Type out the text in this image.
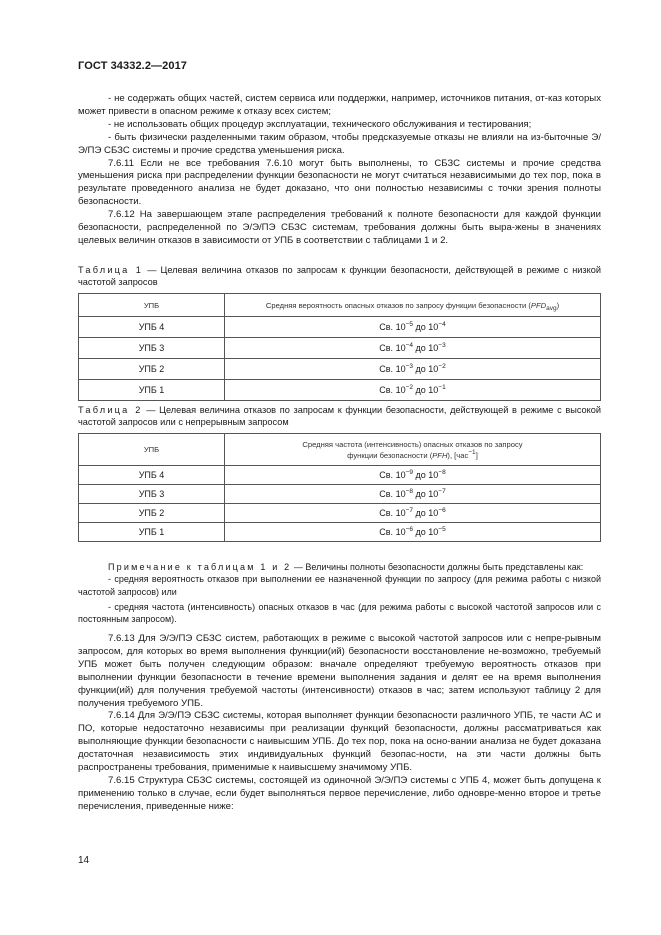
ГОСТ 34332.2—2017

- не содержать общих частей, систем сервиса или поддержки, например, источников питания, от-каз которых может привести в опасном режиме к отказу всех систем;

- не использовать общих процедур эксплуатации, технического обслуживания и тестирования;

- быть физически разделенными таким образом, чтобы предсказуемые отказы не влияли на из-быточные Э/Э/ПЭ СБЗС системы и прочие средства уменьшения риска.

7.6.11 Если не все требования 7.6.10 могут быть выполнены, то СБЗС системы и прочие средства уменьшения риска при распределении функции безопасности не могут считаться независимыми до тех пор, пока в результате проведенного анализа не будет доказано, что они полностью независимы с точки зрения полноты безопасности.

7.6.12 На завершающем этапе распределения требований к полноте безопасности для каждой функции безопасности, распределенной по Э/Э/ПЭ СБЗС системам, требования должны быть выра-жены в значениях целевых величин отказов в зависимости от УПБ в соответствии с таблицами 1 и 2.

Таблица 1 — Целевая величина отказов по запросам к функции безопасности, действующей в режиме с низкой частотой запросов
УПБ	Средняя вероятность опасных отказов по запросу функции безопасности $(PFD_{avg})$
УПБ 4	Св. $10^{-5}$ до $10^{-4}$
УПБ 3	Св. $10^{-4}$ до $10^{-3}$
УПБ 2	Св. $10^{-3}$ до $10^{-2}$
УПБ 1	Св. $10^{-2}$ до $10^{-1}$
Таблица 2 — Целевая величина отказов по запросам к функции безопасности, действующей в режиме с высокой частотой запросов или с непрерывным запросом
УПБ	Средняя частота (интенсивность) опасных отказов по запросу
функции безопасности (PFH), [час$^{-1}$]
УПБ 4	Св. $10^{-9}$ до $10^{-8}$
УПБ 3	Св. $10^{-8}$ до $10^{-7}$
УПБ 2	Св. $10^{-7}$ до $10^{-6}$
УПБ 1	Св. $10^{-6}$ до $10^{-5}$

Примечание к таблицам 1 и 2 — Величины полноты безопасности должны быть представлены как:

- средняя вероятность отказов при выполнении ее назначенной функции по запросу (для режима работы с низкой частотой запросов) или

- средняя частота (интенсивность) опасных отказов в час (для режима работы с высокой частотой запросов или с постоянным запросом).

7.6.13 Для Э/Э/ПЭ СБЗС систем, работающих в режиме с высокой частотой запросов или с непре-рывным запросом, для которых во время выполнения функции(ий) безопасности восстановление не-возможно, требуемый УПБ может быть получен следующим образом: вначале определяют требуемую вероятность отказов при выполнении функции безопасности в течение времени выполнения задания и делят ее на время выполнения функции(ий) для получения требуемой частоты (интенсивности) отказов в час; затем используют таблицу 2 для получения требуемого УПБ.

7.6.14 Для Э/Э/ПЭ СБЗС системы, которая выполняет функции безопасности различного УПБ, те части АС и ПО, которые недостаточно независимы при реализации функций безопасности, должны рассматриваться как выполняющие функции безопасности с наивысшим УПБ. До тех пор, пока на осно-вании анализа не будет доказана достаточная независимость этих индивидуальных функций безопас-ности, на эти части должны быть распространены требования, применимые к наивысшему значимому УПБ.

7.6.15 Структура СБЗС системы, состоящей из одиночной Э/Э/ПЭ системы с УПБ 4, может быть допущена к применению только в случае, если будет выполняться первое перечисление, либо одновре-менно второе и третье перечисления, приведенные ниже:

14
